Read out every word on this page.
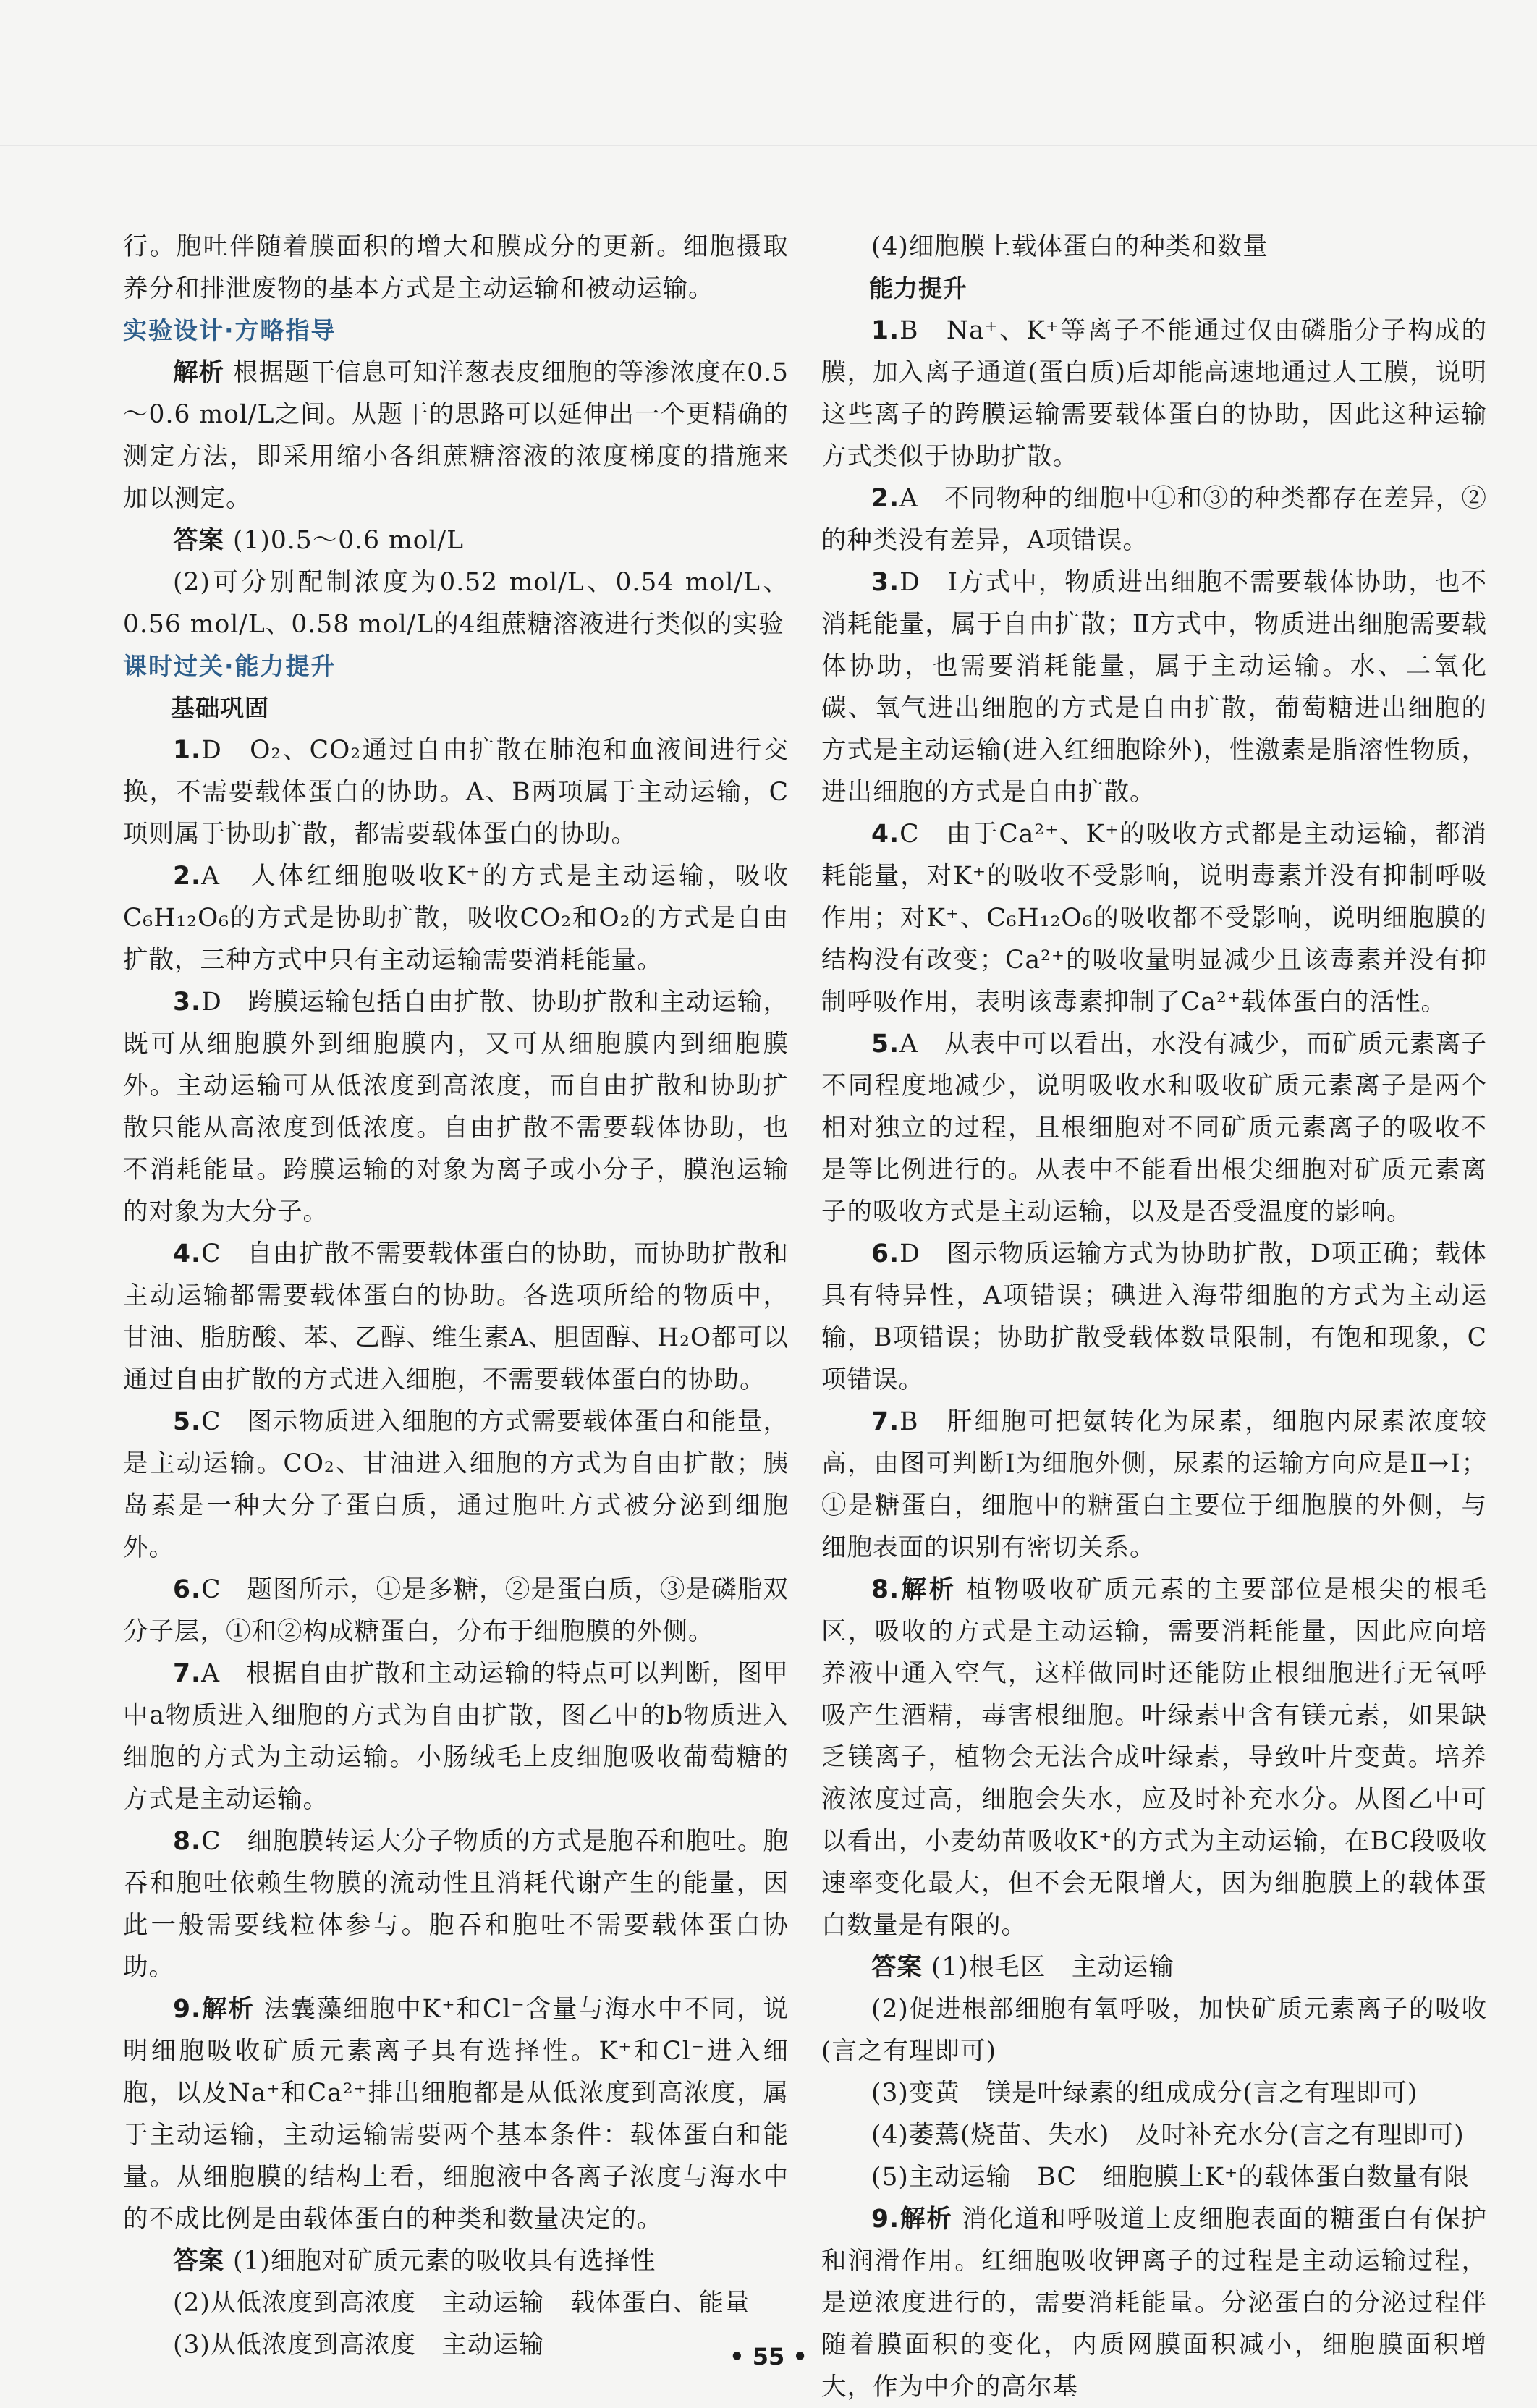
行。胞吐伴随着膜面积的增大和膜成分的更新。细胞摄取养分和排泄废物的基本方式是主动运输和被动运输。

实验设计·方略指导

解析 根据题干信息可知洋葱表皮细胞的等渗浓度在0.5～0.6 mol/L之间。从题干的思路可以延伸出一个更精确的测定方法，即采用缩小各组蔗糖溶液的浓度梯度的措施来加以测定。

答案 (1)0.5～0.6 mol/L

(2)可分别配制浓度为0.52 mol/L、0.54 mol/L、0.56 mol/L、0.58 mol/L的4组蔗糖溶液进行类似的实验

课时过关·能力提升

基础巩固

1.D　O₂、CO₂通过自由扩散在肺泡和血液间进行交换，不需要载体蛋白的协助。A、B两项属于主动运输，C项则属于协助扩散，都需要载体蛋白的协助。

2.A　人体红细胞吸收K⁺的方式是主动运输，吸收C₆H₁₂O₆的方式是协助扩散，吸收CO₂和O₂的方式是自由扩散，三种方式中只有主动运输需要消耗能量。

3.D　跨膜运输包括自由扩散、协助扩散和主动运输，既可从细胞膜外到细胞膜内，又可从细胞膜内到细胞膜外。主动运输可从低浓度到高浓度，而自由扩散和协助扩散只能从高浓度到低浓度。自由扩散不需要载体协助，也不消耗能量。跨膜运输的对象为离子或小分子，膜泡运输的对象为大分子。

4.C　自由扩散不需要载体蛋白的协助，而协助扩散和主动运输都需要载体蛋白的协助。各选项所给的物质中，甘油、脂肪酸、苯、乙醇、维生素A、胆固醇、H₂O都可以通过自由扩散的方式进入细胞，不需要载体蛋白的协助。

5.C　图示物质进入细胞的方式需要载体蛋白和能量，是主动运输。CO₂、甘油进入细胞的方式为自由扩散；胰岛素是一种大分子蛋白质，通过胞吐方式被分泌到细胞外。

6.C　题图所示，①是多糖，②是蛋白质，③是磷脂双分子层，①和②构成糖蛋白，分布于细胞膜的外侧。

7.A　根据自由扩散和主动运输的特点可以判断，图甲中a物质进入细胞的方式为自由扩散，图乙中的b物质进入细胞的方式为主动运输。小肠绒毛上皮细胞吸收葡萄糖的方式是主动运输。

8.C　细胞膜转运大分子物质的方式是胞吞和胞吐。胞吞和胞吐依赖生物膜的流动性且消耗代谢产生的能量，因此一般需要线粒体参与。胞吞和胞吐不需要载体蛋白协助。

9.解析 法囊藻细胞中K⁺和Cl⁻含量与海水中不同，说明细胞吸收矿质元素离子具有选择性。K⁺和Cl⁻进入细胞，以及Na⁺和Ca²⁺排出细胞都是从低浓度到高浓度，属于主动运输，主动运输需要两个基本条件：载体蛋白和能量。从细胞膜的结构上看，细胞液中各离子浓度与海水中的不成比例是由载体蛋白的种类和数量决定的。

答案 (1)细胞对矿质元素的吸收具有选择性

(2)从低浓度到高浓度　主动运输　载体蛋白、能量

(3)从低浓度到高浓度　主动运输

(4)细胞膜上载体蛋白的种类和数量

能力提升

1.B　Na⁺、K⁺等离子不能通过仅由磷脂分子构成的膜，加入离子通道(蛋白质)后却能高速地通过人工膜，说明这些离子的跨膜运输需要载体蛋白的协助，因此这种运输方式类似于协助扩散。

2.A　不同物种的细胞中①和③的种类都存在差异，②的种类没有差异，A项错误。

3.D　Ⅰ方式中，物质进出细胞不需要载体协助，也不消耗能量，属于自由扩散；Ⅱ方式中，物质进出细胞需要载体协助，也需要消耗能量，属于主动运输。水、二氧化碳、氧气进出细胞的方式是自由扩散，葡萄糖进出细胞的方式是主动运输(进入红细胞除外)，性激素是脂溶性物质，进出细胞的方式是自由扩散。

4.C　由于Ca²⁺、K⁺的吸收方式都是主动运输，都消耗能量，对K⁺的吸收不受影响，说明毒素并没有抑制呼吸作用；对K⁺、C₆H₁₂O₆的吸收都不受影响，说明细胞膜的结构没有改变；Ca²⁺的吸收量明显减少且该毒素并没有抑制呼吸作用，表明该毒素抑制了Ca²⁺载体蛋白的活性。

5.A　从表中可以看出，水没有减少，而矿质元素离子不同程度地减少，说明吸收水和吸收矿质元素离子是两个相对独立的过程，且根细胞对不同矿质元素离子的吸收不是等比例进行的。从表中不能看出根尖细胞对矿质元素离子的吸收方式是主动运输，以及是否受温度的影响。

6.D　图示物质运输方式为协助扩散，D项正确；载体具有特异性，A项错误；碘进入海带细胞的方式为主动运输，B项错误；协助扩散受载体数量限制，有饱和现象，C项错误。

7.B　肝细胞可把氨转化为尿素，细胞内尿素浓度较高，由图可判断Ⅰ为细胞外侧，尿素的运输方向应是Ⅱ→Ⅰ；①是糖蛋白，细胞中的糖蛋白主要位于细胞膜的外侧，与细胞表面的识别有密切关系。

8.解析 植物吸收矿质元素的主要部位是根尖的根毛区，吸收的方式是主动运输，需要消耗能量，因此应向培养液中通入空气，这样做同时还能防止根细胞进行无氧呼吸产生酒精，毒害根细胞。叶绿素中含有镁元素，如果缺乏镁离子，植物会无法合成叶绿素，导致叶片变黄。培养液浓度过高，细胞会失水，应及时补充水分。从图乙中可以看出，小麦幼苗吸收K⁺的方式为主动运输，在BC段吸收速率变化最大，但不会无限增大，因为细胞膜上的载体蛋白数量是有限的。

答案 (1)根毛区　主动运输

(2)促进根部细胞有氧呼吸，加快矿质元素离子的吸收(言之有理即可)

(3)变黄　镁是叶绿素的组成成分(言之有理即可)

(4)萎蔫(烧苗、失水)　及时补充水分(言之有理即可)

(5)主动运输　BC　细胞膜上K⁺的载体蛋白数量有限

9.解析 消化道和呼吸道上皮细胞表面的糖蛋白有保护和润滑作用。红细胞吸收钾离子的过程是主动运输过程，是逆浓度进行的，需要消耗能量。分泌蛋白的分泌过程伴随着膜面积的变化，内质网膜面积减小，细胞膜面积增大，作为中介的高尔基

• 55 •
